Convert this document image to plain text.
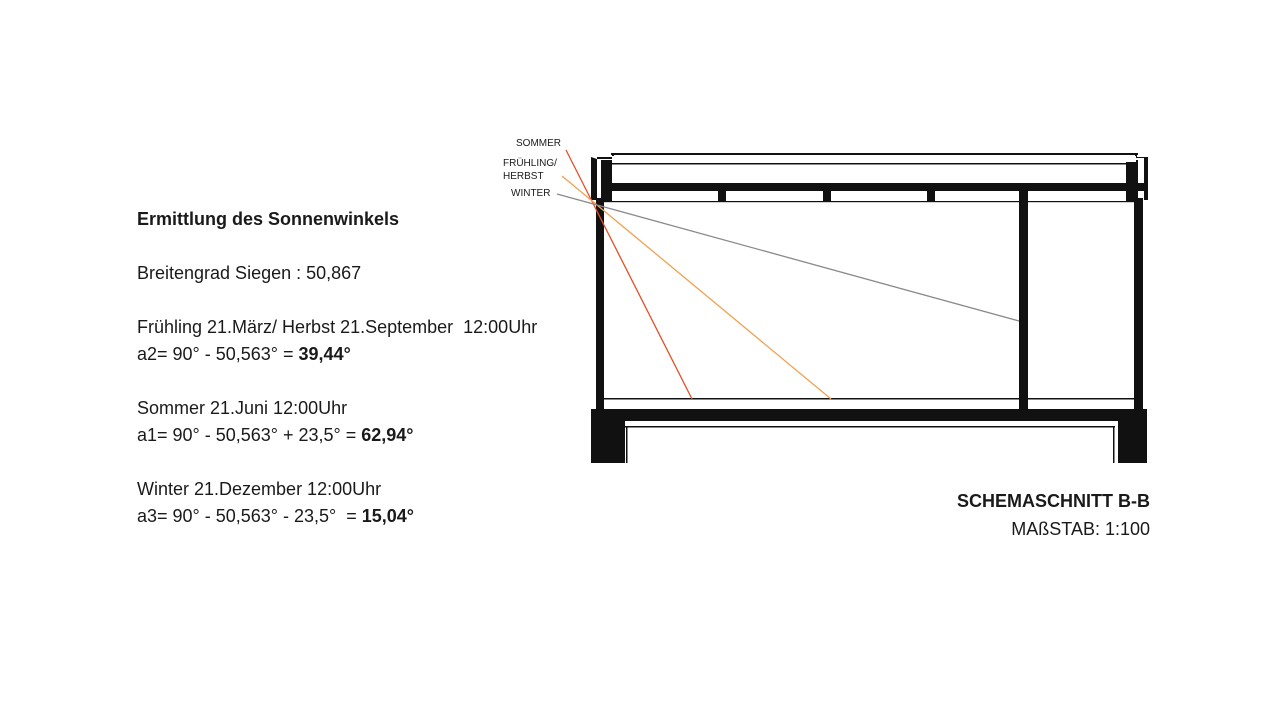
Ermittlung des Sonnenwinkels

Breitengrad Siegen : 50,867

Frühling 21.März/ Herbst 21.September  12:00Uhr

a2= 90° - 50,563° = 39,44°

Sommer 21.Juni 12:00Uhr

a1= 90° - 50,563° + 23,5° = 62,94°

Winter 21.Dezember 12:00Uhr

a3= 90° - 50,563° - 23,5°  = 15,04°

SOMMER
FRÜHLING/
HERBST
WINTER
SCHEMASCHNITT B-B
MAßSTAB: 1:100
